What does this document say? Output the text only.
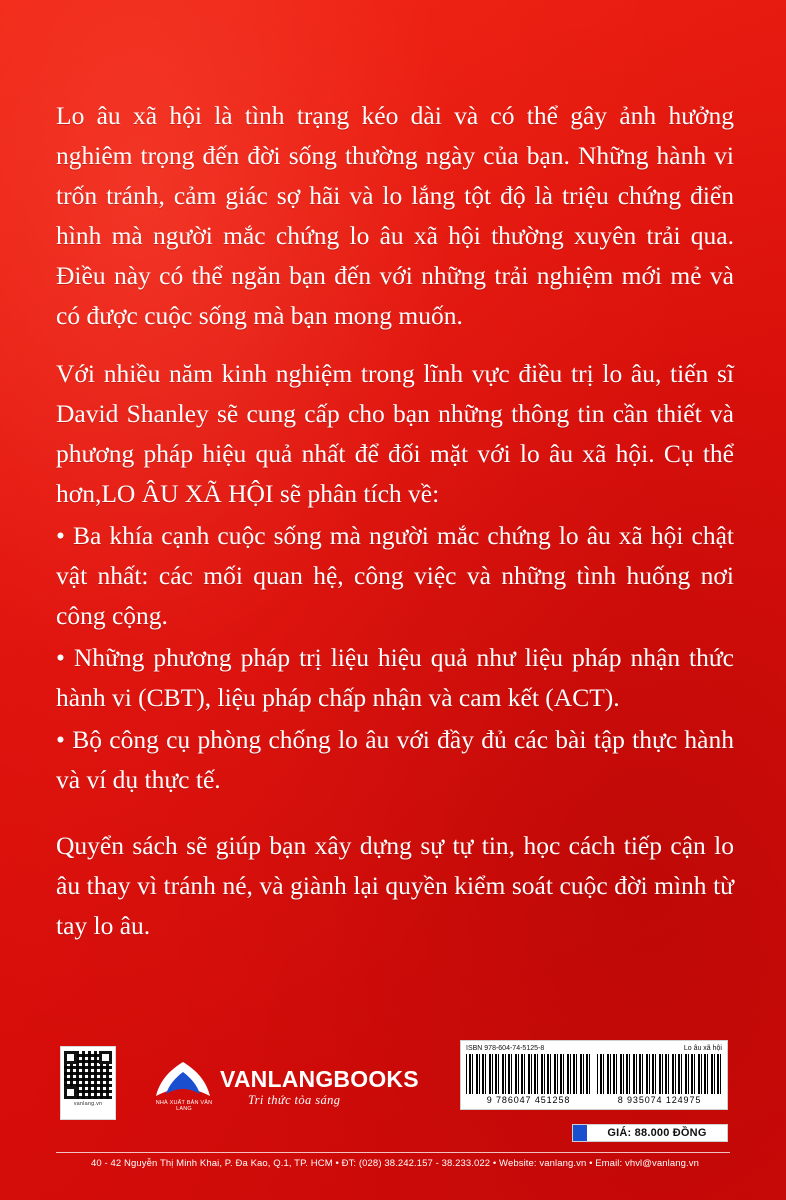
Lo âu xã hội là tình trạng kéo dài và có thể gây ảnh hưởng nghiêm trọng đến đời sống thường ngày của bạn. Những hành vi trốn tránh, cảm giác sợ hãi và lo lắng tột độ là triệu chứng điển hình mà người mắc chứng lo âu xã hội thường xuyên trải qua. Điều này có thể ngăn bạn đến với những trải nghiệm mới mẻ và có được cuộc sống mà bạn mong muốn.

Với nhiều năm kinh nghiệm trong lĩnh vực điều trị lo âu, tiến sĩ David Shanley sẽ cung cấp cho bạn những thông tin cần thiết và phương pháp hiệu quả nhất để đối mặt với lo âu xã hội. Cụ thể hơn,LO ÂU XÃ HỘI sẽ phân tích về:

• Ba khía cạnh cuộc sống mà người mắc chứng lo âu xã hội chật vật nhất: các mối quan hệ, công việc và những tình huống nơi công cộng.

• Những phương pháp trị liệu hiệu quả như liệu pháp nhận thức hành vi (CBT), liệu pháp chấp nhận và cam kết (ACT).

• Bộ công cụ phòng chống lo âu với đầy đủ các bài tập thực hành và ví dụ thực tế.

Quyển sách sẽ giúp bạn xây dựng sự tự tin, học cách tiếp cận lo âu thay vì tránh né, và giành lại quyền kiểm soát cuộc đời mình từ tay lo âu.

vanlang.vn	NHÀ XUẤT BẢN VĂN LANG
VANLANGBOOKS
Tri thức tỏa sáng
ISBN 978-604-74-5125-8	Lo âu xã hội
9 786047 451258	8 935074 124975
GIÁ: 88.000 ĐỒNG
40 - 42 Nguyễn Thị Minh Khai, P. Đa Kao, Q.1, TP. HCM • ĐT: (028) 38.242.157 - 38.233.022 • Website: vanlang.vn • Email: vhvl@vanlang.vn
